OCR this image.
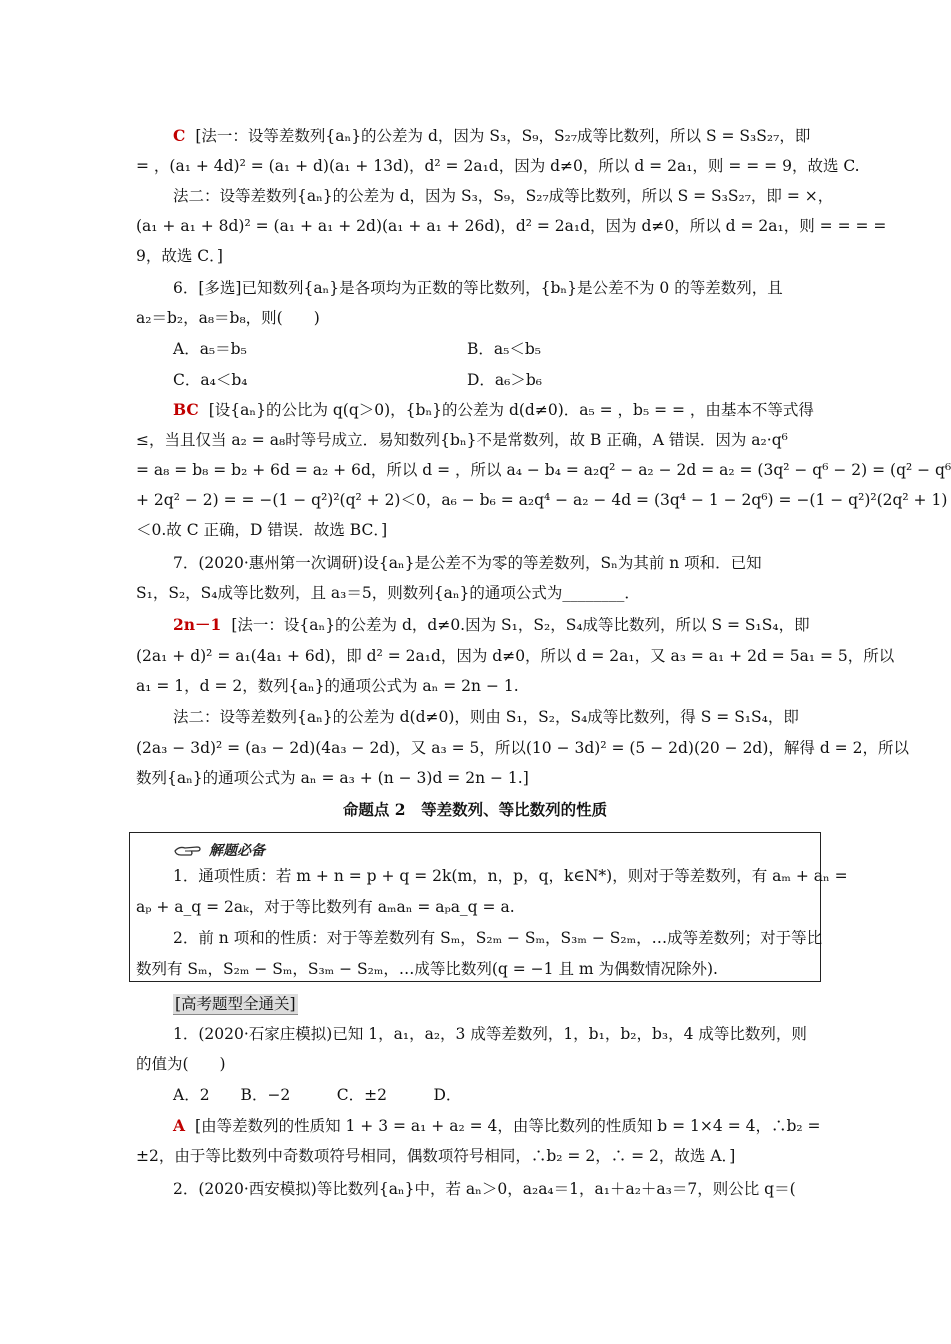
C [法一：设等差数列{aₙ}的公差为 d，因为 S₃，S₉，S₂₇成等比数列，所以 S = S₃S₂₇，即
= ，(a₁ + 4d)² = (a₁ + d)(a₁ + 13d)，d² = 2a₁d，因为 d≠0，所以 d = 2a₁，则 = = = 9，故选 C.
法二：设等差数列{aₙ}的公差为 d，因为 S₃，S₉，S₂₇成等比数列，所以 S = S₃S₂₇，即 = ×，
(a₁ + a₁ + 8d)² = (a₁ + a₁ + 2d)(a₁ + a₁ + 26d)，d² = 2a₁d，因为 d≠0，所以 d = 2a₁，则 = = = =
9，故选 C．]
6．[多选]已知数列{aₙ}是各项均为正数的等比数列，{bₙ}是公差不为 0 的等差数列，且
a₂＝b₂，a₈＝b₈，则(　　)
BC [设{aₙ}的公比为 q(q＞0)，{bₙ}的公差为 d(d≠0)．a₅ = ，b₅ = = ，由基本不等式得
≤，当且仅当 a₂ = a₈时等号成立．易知数列{bₙ}不是常数列，故 B 正确，A 错误．因为 a₂·q⁶
= a₈ = b₈ = b₂ + 6d = a₂ + 6d，所以 d = ，所以 a₄ − b₄ = a₂q² − a₂ − 2d = a₂ = (3q² − q⁶ − 2) = (q² − q⁶
+ 2q² − 2) = = −(1 − q²)²(q² + 2)＜0，a₆ − b₆ = a₂q⁴ − a₂ − 4d = (3q⁴ − 1 − 2q⁶) = −(1 − q²)²(2q² + 1)
＜0.故 C 正确，D 错误．故选 BC．]
7．(2020·惠州第一次调研)设{aₙ}是公差不为零的等差数列，Sₙ为其前 n 项和．已知
S₁，S₂，S₄成等比数列，且 a₃＝5，则数列{aₙ}的通项公式为________．
2n－1 [法一：设{aₙ}的公差为 d，d≠0.因为 S₁，S₂，S₄成等比数列，所以 S = S₁S₄，即
(2a₁ + d)² = a₁(4a₁ + 6d)，即 d² = 2a₁d，因为 d≠0，所以 d = 2a₁，又 a₃ = a₁ + 2d = 5a₁ = 5，所以
a₁ = 1，d = 2，数列{aₙ}的通项公式为 aₙ = 2n − 1.
法二：设等差数列{aₙ}的公差为 d(d≠0)，则由 S₁，S₂，S₄成等比数列，得 S = S₁S₄，即
(2a₃ − 3d)² = (a₃ − 2d)(4a₃ − 2d)，又 a₃ = 5，所以(10 − 3d)² = (5 − 2d)(20 − 2d)，解得 d = 2，所以
数列{aₙ}的通项公式为 aₙ = a₃ + (n − 3)d = 2n − 1.]
A．a₅＝b₅	B．a₅＜b₅
C．a₄＜b₄	D．a₆＞b₆
命题点 2　等差数列、等比数列的性质
解题必备
1．通项性质：若 m + n = p + q = 2k(m，n，p，q，k∈N*)，则对于等差数列，有 aₘ + aₙ =
aₚ + a_q = 2aₖ，对于等比数列有 aₘaₙ = aₚa_q = a.
2．前 n 项和的性质：对于等差数列有 Sₘ，S₂ₘ − Sₘ，S₃ₘ − S₂ₘ，…成等差数列；对于等比
数列有 Sₘ，S₂ₘ − Sₘ，S₃ₘ − S₂ₘ，…成等比数列(q = −1 且 m 为偶数情况除外).
[高考题型全通关]
1．(2020·石家庄模拟)已知 1，a₁，a₂，3 成等差数列，1，b₁，b₂，b₃，4 成等比数列，则
的值为(　　)
A．2　　B．−2　　　C．±2　　　D．
A [由等差数列的性质知 1 + 3 = a₁ + a₂ = 4，由等比数列的性质知 b = 1×4 = 4，∴b₂ =
±2，由于等比数列中奇数项符号相同，偶数项符号相同，∴b₂ = 2，∴ = 2，故选 A．]
2．(2020·西安模拟)等比数列{aₙ}中，若 aₙ＞0，a₂a₄＝1，a₁＋a₂＋a₃＝7，则公比 q＝(
